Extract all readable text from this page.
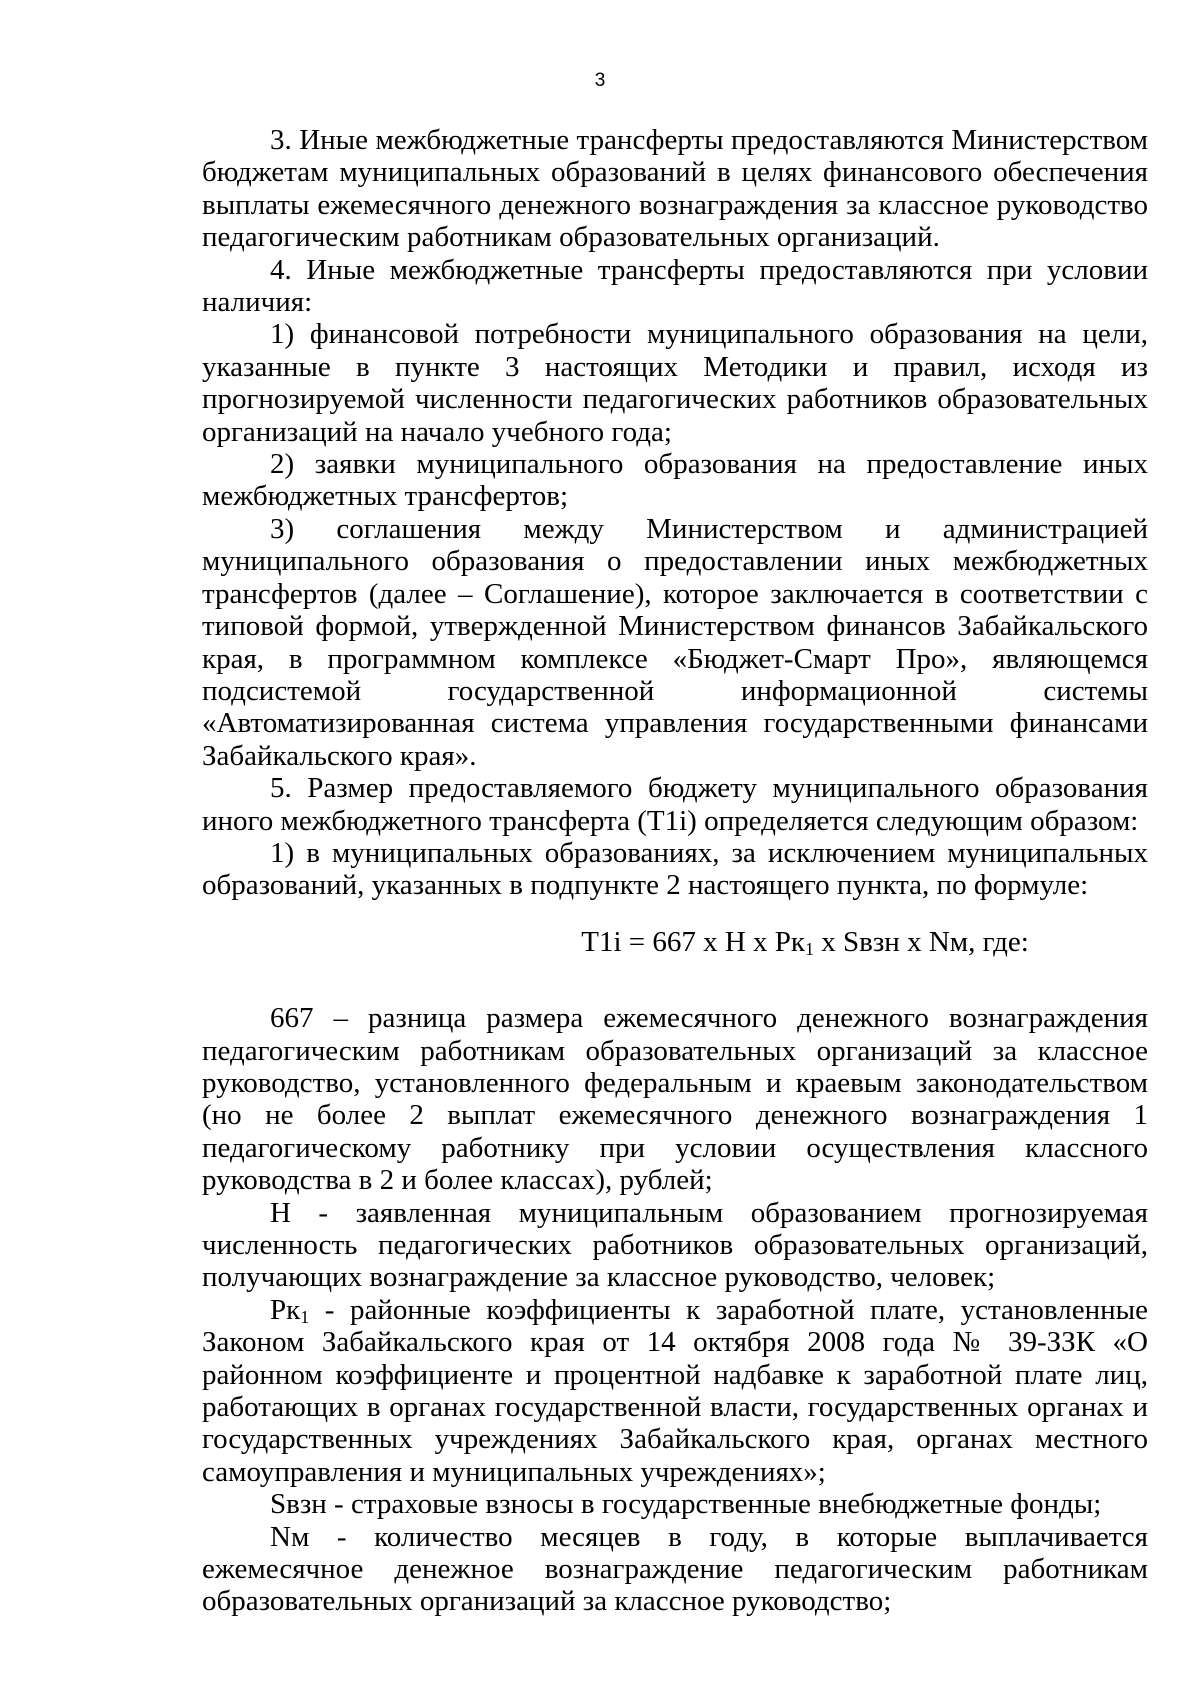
3

3. Иные межбюджетные трансферты предоставляются Министерством бюджетам муниципальных образований в целях финансового обеспечения выплаты ежемесячного денежного вознаграждения за классное руководство педагогическим работникам образовательных организаций.

4. Иные межбюджетные трансферты предоставляются при условии наличия:

1) финансовой потребности муниципального образования на цели, указанные в пункте 3 настоящих Методики и правил, исходя из прогнозируемой численности педагогических работников образовательных организаций на начало учебного года;

2) заявки муниципального образования на предоставление иных межбюджетных трансфертов;

3) соглашения между Министерством и администрацией муниципального образования о предоставлении иных межбюджетных трансфертов (далее – Соглашение), которое заключается в соответствии с типовой формой, утвержденной Министерством финансов Забайкальского края, в программном комплексе «Бюджет-Смарт Про», являющемся подсистемой государственной информационной системы «Автоматизированная система управления государственными финансами Забайкальского края».

5. Размер предоставляемого бюджету муниципального образования иного межбюджетного трансферта (T1i) определяется следующим образом:

1) в муниципальных образованиях, за исключением муниципальных образований, указанных в подпункте 2 настоящего пункта, по формуле:

T1i = 667 х Н х $Рк_1$ х Sвзн х Nм, где:

667 – разница размера ежемесячного денежного вознаграждения педагогическим работникам образовательных организаций за классное руководство, установленного федеральным и краевым законодательством (но не более 2 выплат ежемесячного денежного вознаграждения 1 педагогическому работнику при условии осуществления классного руководства в 2 и более классах), рублей;

Н - заявленная муниципальным образованием прогнозируемая численность педагогических работников образовательных организаций, получающих вознаграждение за классное руководство, человек;

$Рк_1$ - районные коэффициенты к заработной плате, установленные Законом Забайкальского края от 14 октября 2008 года № 39-ЗЗК «О районном коэффициенте и процентной надбавке к заработной плате лиц, работающих в органах государственной власти, государственных органах и государственных учреждениях Забайкальского края, органах местного самоуправления и муниципальных учреждениях»;

Sвзн - страховые взносы в государственные внебюджетные фонды;

Nм - количество месяцев в году, в которые выплачивается ежемесячное денежное вознаграждение педагогическим работникам образовательных организаций за классное руководство;
